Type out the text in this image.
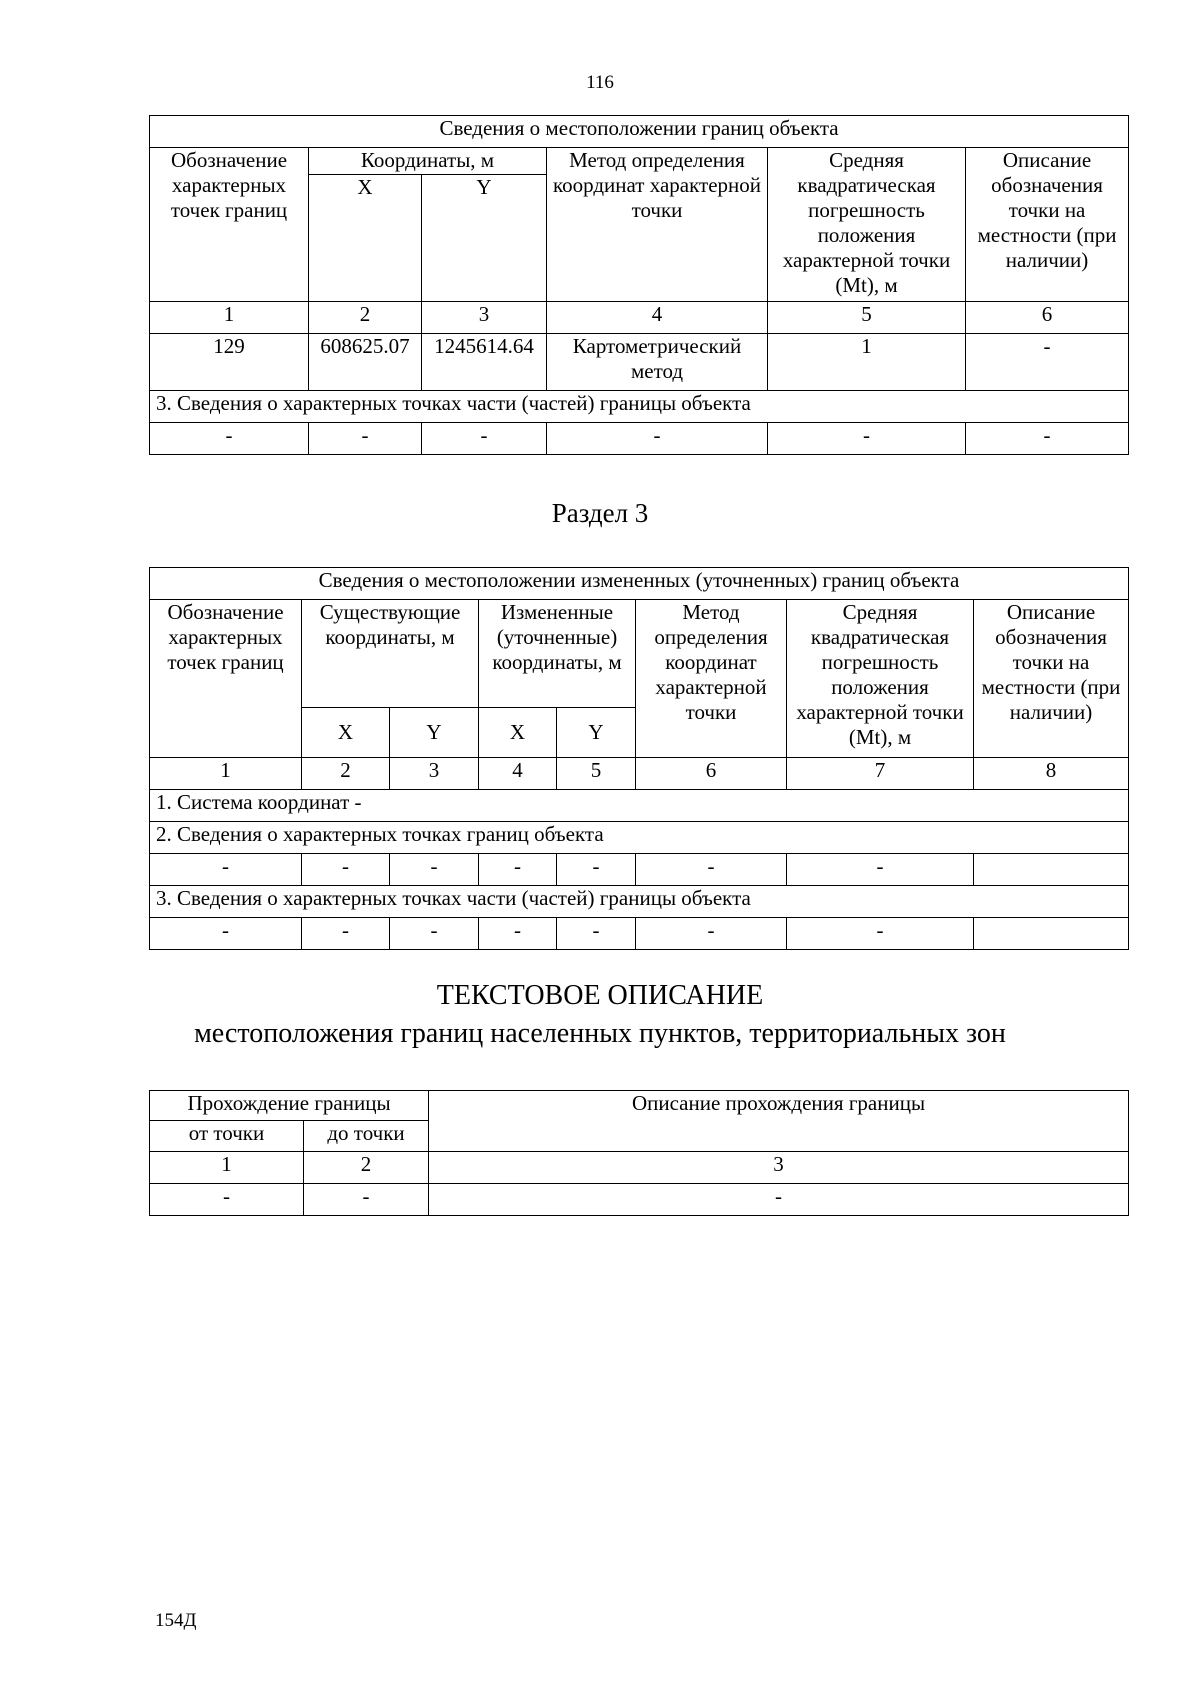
116
Сведения о местоположении границ объекта					
Обозначение характерных точек границ	Координаты, м		Метод определения координат характерной точки	Средняя квадратическая погрешность положения характерной точки (Mt), м	Описание обозначения точки на местности (при наличии)
	X	Y			
1	2	3	4	5	6
129	608625.07	1245614.64	Картометрический метод	1	-
3. Сведения о характерных точках части (частей) границы объекта					
-	-	-	-	-	-
Раздел 3
Сведения о местоположении измененных (уточненных) границ объекта							
Обозначение характерных точек границ	Существующие координаты, м		Измененные (уточненные) координаты, м		Метод определения координат характерной точки	Средняя квадратическая погрешность положения характерной точки (Mt), м	Описание обозначения точки на местности (при наличии)
	X	Y	X	Y			
1	2	3	4	5	6	7	8
1. Система координат -							
2. Сведения о характерных точках границ объекта							
-	-	-	-	-	-	-	
3. Сведения о характерных точках части (частей) границы объекта							
-	-	-	-	-	-	-	
ТЕКСТОВОЕ ОПИСАНИЕ
местоположения границ населенных пунктов, территориальных зон
Прохождение границы		Описание прохождения границы
от точки	до точки	
1	2	3
-	-	-
154Д
